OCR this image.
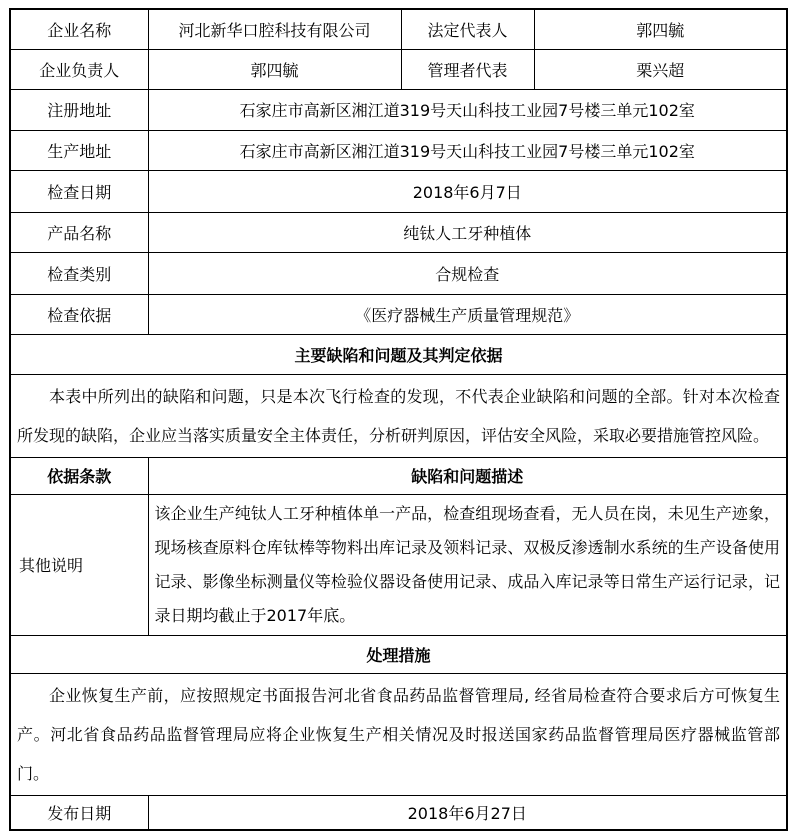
企业名称	河北新华口腔科技有限公司	法定代表人	郭四毓
企业负责人	郭四毓	管理者代表	栗兴超
注册地址	石家庄市高新区湘江道319号天山科技工业园7号楼三单元102室		
生产地址	石家庄市高新区湘江道319号天山科技工业园7号楼三单元102室		
检查日期	2018年6月7日		
产品名称	纯钛人工牙种植体		
检查类别	合规检查		
检查依据	《医疗器械生产质量管理规范》		
主要缺陷和问题及其判定依据			

本表中所列出的缺陷和问题，只是本次飞行检查的发现，不代表企业缺陷和问题的全部。针对本次检查所发现的缺陷，企业应当落实质量安全主体责任，分析研判原因，评估安全风险，采取必要措施管控风险。			

依据条款	缺陷和问题描述		
其他说明	该企业生产纯钛人工牙种植体单一产品，检查组现场查看，无人员在岗，未见生产迹象，现场核查原料仓库钛棒等物料出库记录及领料记录、双极反渗透制水系统的生产设备使用记录、影像坐标测量仪等检验仪器设备使用记录、成品入库记录等日常生产运行记录，记录日期均截止于2017年底。		
处理措施			

企业恢复生产前，应按照规定书面报告河北省食品药品监督管理局, 经省局检查符合要求后方可恢复生产。河北省食品药品监督管理局应将企业恢复生产相关情况及时报送国家药品监督管理局医疗器械监管部门。			

发布日期	2018年6月27日		
